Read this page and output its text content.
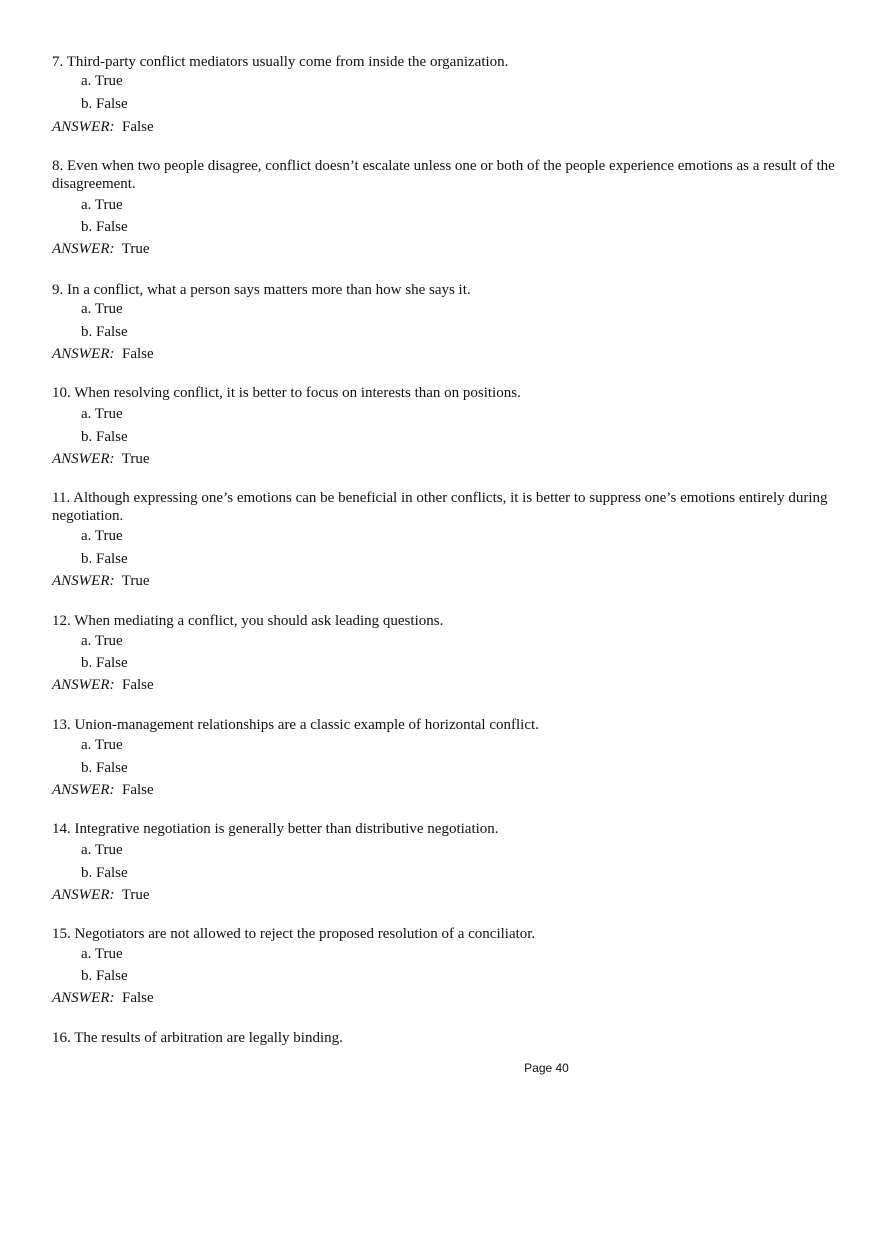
7. Third-party conflict mediators usually come from inside the organization.

a. True
b. False
ANSWER: False

8. Even when two people disagree, conflict doesn’t escalate unless one or both of the people experience emotions as a result of the disagreement.

a. True
b. False
ANSWER: True

9. In a conflict, what a person says matters more than how she says it.

a. True
b. False
ANSWER: False

10. When resolving conflict, it is better to focus on interests than on positions.

a. True
b. False
ANSWER: True

11. Although expressing one’s emotions can be beneficial in other conflicts, it is better to suppress one’s emotions entirely during negotiation.

a. True
b. False
ANSWER: True

12. When mediating a conflict, you should ask leading questions.

a. True
b. False
ANSWER: False

13. Union-management relationships are a classic example of horizontal conflict.

a. True
b. False
ANSWER: False

14. Integrative negotiation is generally better than distributive negotiation.

a. True
b. False
ANSWER: True

15. Negotiators are not allowed to reject the proposed resolution of a conciliator.

a. True
b. False
ANSWER: False

16. The results of arbitration are legally binding.

Page 40
